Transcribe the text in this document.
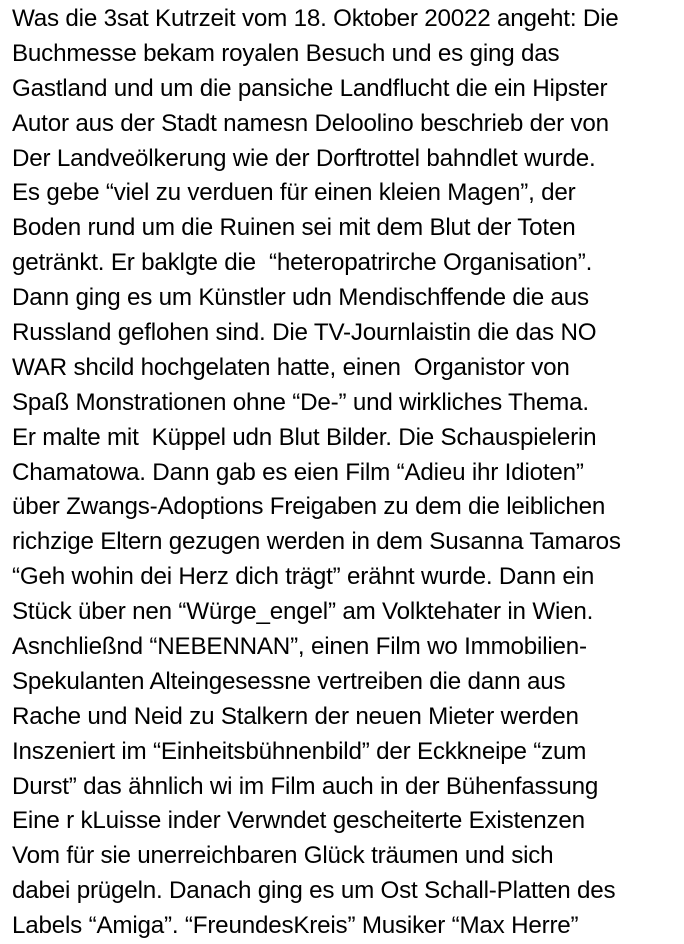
Was die 3sat Kutrzeit vom 18. Oktober 20022 angeht: Die
Buchmesse bekam royalen Besuch und es ging das
Gastland und um die pansiche Landflucht die ein Hipster
Autor aus der Stadt namesn Deloolino beschrieb der von
Der Landveölkerung wie der Dorftrottel bahndlet wurde.
Es gebe “viel zu verduen für einen kleien Magen”, der
Boden rund um die Ruinen sei mit dem Blut der Toten
getränkt. Er baklgte die  “heteropatrirche Organisation”.
Dann ging es um Künstler udn Mendischffende die aus
Russland geflohen sind. Die TV-Journlaistin die das NO
WAR shcild hochgelaten hatte, einen  Organistor von
Spaß Monstrationen ohne “De-” und wirkliches Thema.
Er malte mit  Küppel udn Blut Bilder. Die Schauspielerin
Chamatowa. Dann gab es eien Film “Adieu ihr Idioten”
über Zwangs-Adoptions Freigaben zu dem die leiblichen
richzige Eltern gezugen werden in dem Susanna Tamaros
“Geh wohin dei Herz dich trägt” erähnt wurde. Dann ein
Stück über nen “Würge_engel” am Volktehater in Wien.
Asnchließnd “NEBENNAN”, einen Film wo Immobilien-
Spekulanten Alteingesessne vertreiben die dann aus
Rache und Neid zu Stalkern der neuen Mieter werden
Inszeniert im “Einheitsbühnenbild” der Eckkneipe “zum
Durst” das ähnlich wi im Film auch in der Bühenfassung
Eine r kLuisse inder Verwndet gescheiterte Existenzen
Vom für sie unerreichbaren Glück träumen und sich
dabei prügeln. Danach ging es um Ost Schall-Platten des
Labels “Amiga”. “FreundesKreis” Musiker “Max Herre”
